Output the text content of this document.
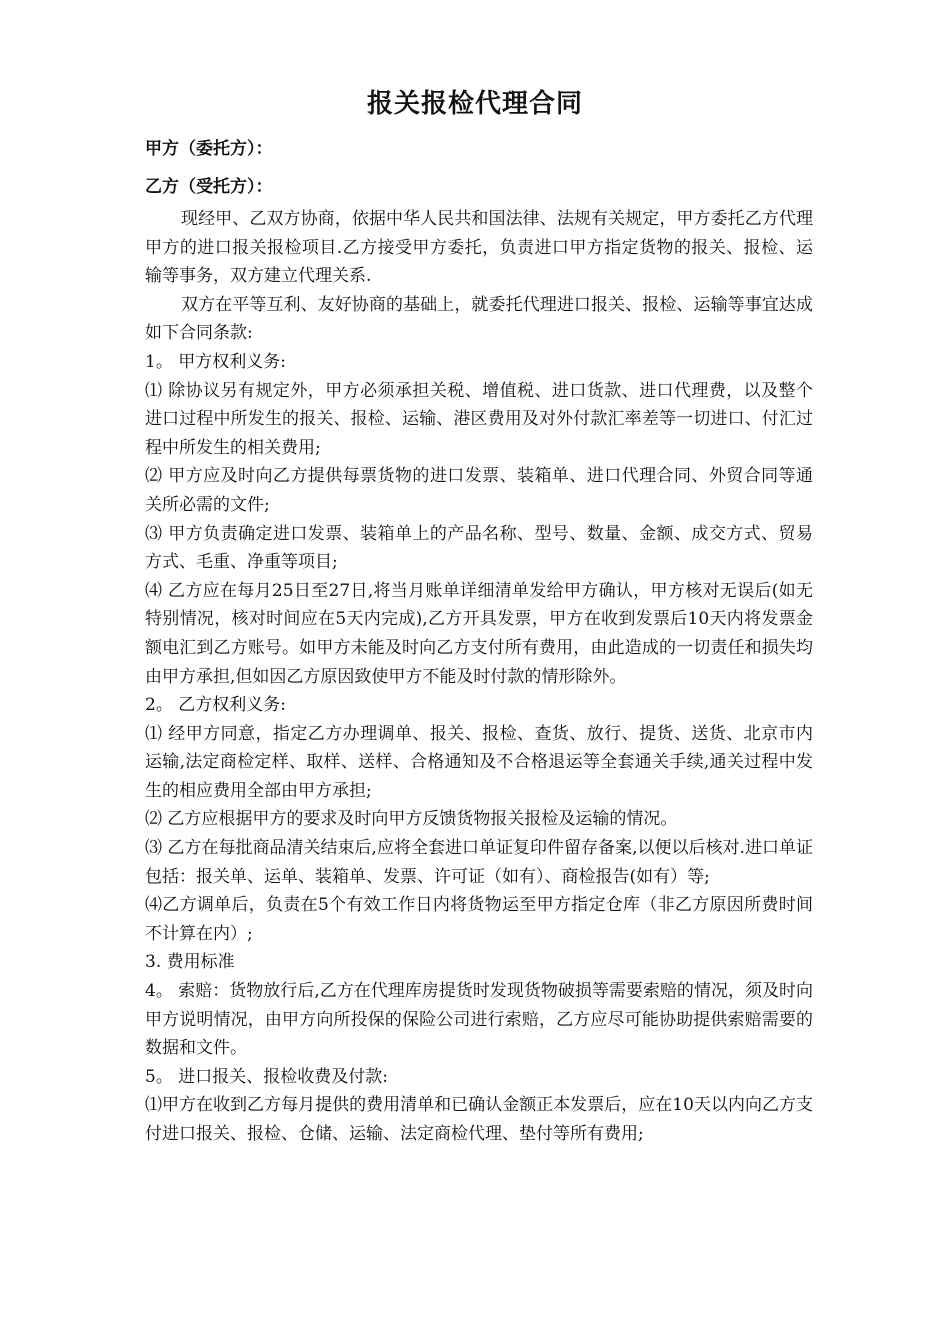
报关报检代理合同
甲方（委托方）：
乙方（受托方）：

现经甲、乙双方协商，依据中华人民共和国法律、法规有关规定，甲方委托乙方代理甲方的进口报关报检项目.乙方接受甲方委托，负责进口甲方指定货物的报关、报检、运输等事务，双方建立代理关系.

双方在平等互利、友好协商的基础上，就委托代理进口报关、报检、运输等事宜达成如下合同条款:

1。 甲方权利义务:

⑴ 除协议另有规定外，甲方必须承担关税、增值税、进口货款、进口代理费，以及整个进口过程中所发生的报关、报检、运输、港区费用及对外付款汇率差等一切进口、付汇过程中所发生的相关费用;

⑵ 甲方应及时向乙方提供每票货物的进口发票、装箱单、进口代理合同、外贸合同等通关所必需的文件;

⑶ 甲方负责确定进口发票、装箱单上的产品名称、型号、数量、金额、成交方式、贸易方式、毛重、净重等项目;

⑷ 乙方应在每月25日至27日,将当月账单详细清单发给甲方确认，甲方核对无误后(如无特别情况，核对时间应在5天内完成),乙方开具发票，甲方在收到发票后10天内将发票金额电汇到乙方账号。如甲方未能及时向乙方支付所有费用，由此造成的一切责任和损失均由甲方承担,但如因乙方原因致使甲方不能及时付款的情形除外。

2。 乙方权利义务:

⑴ 经甲方同意，指定乙方办理调单、报关、报检、查货、放行、提货、送货、北京市内运输,法定商检定样、取样、送样、合格通知及不合格退运等全套通关手续,通关过程中发生的相应费用全部由甲方承担;

⑵ 乙方应根据甲方的要求及时向甲方反馈货物报关报检及运输的情况。

⑶ 乙方在每批商品清关结束后,应将全套进口单证复印件留存备案,以便以后核对.进口单证包括：报关单、运单、装箱单、发票、许可证（如有）、商检报告(如有）等;

⑷乙方调单后，负责在5个有效工作日内将货物运至甲方指定仓库（非乙方原因所费时间不计算在内）;

3. 费用标准

4。 索赔：货物放行后,乙方在代理库房提货时发现货物破损等需要索赔的情况，须及时向甲方说明情况，由甲方向所投保的保险公司进行索赔，乙方应尽可能协助提供索赔需要的数据和文件。

5。 进口报关、报检收费及付款:

⑴甲方在收到乙方每月提供的费用清单和已确认金额正本发票后，应在10天以内向乙方支付进口报关、报检、仓储、运输、法定商检代理、垫付等所有费用;
